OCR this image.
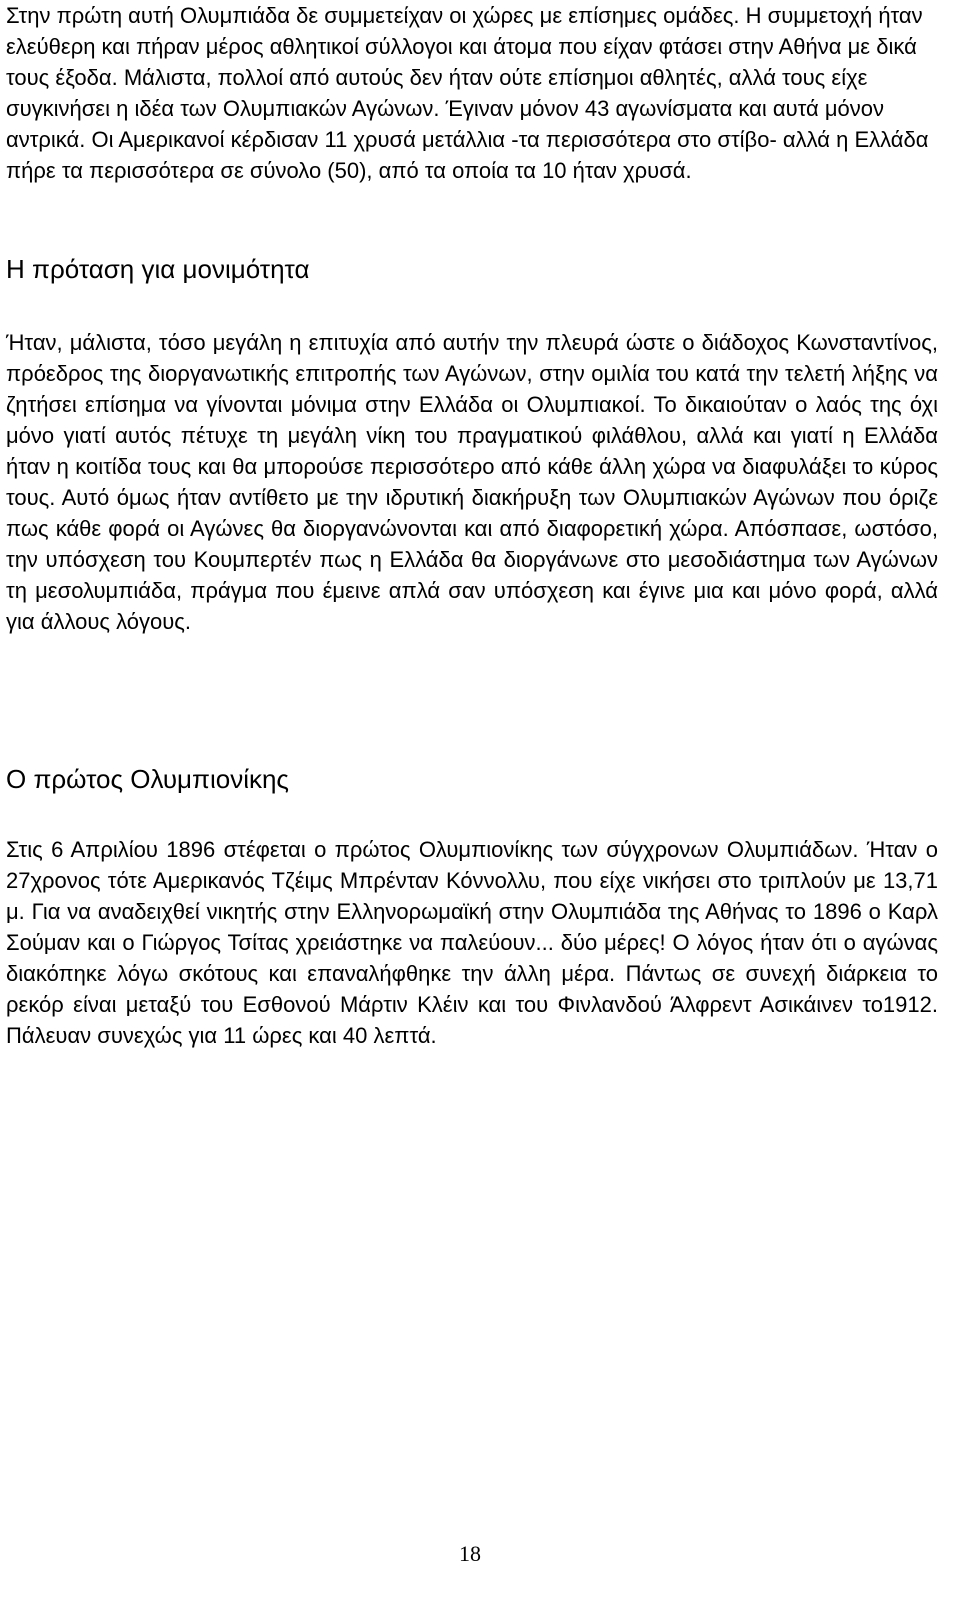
Στην πρώτη αυτή Ολυμπιάδα δε συμμετείχαν οι χώρες με επίσημες ομάδες. Η συμμετοχή ήταν ελεύθερη και πήραν μέρος αθλητικοί σύλλογοι και άτομα που είχαν φτάσει στην Αθήνα με δικά τους έξοδα. Μάλιστα, πολλοί από αυτούς δεν ήταν ούτε επίσημοι αθλητές, αλλά τους είχε συγκινήσει η ιδέα των Ολυμπιακών Αγώνων. Έγιναν μόνον 43 αγωνίσματα και αυτά μόνον αντρικά. Οι Αμερικανοί κέρδισαν 11 χρυσά μετάλλια -τα περισσότερα στο στίβο- αλλά η Ελλάδα πήρε τα περισσότερα σε σύνολο (50), από τα οποία τα 10 ήταν χρυσά.

Η πρόταση για μονιμότητα

Ήταν, μάλιστα, τόσο μεγάλη η επιτυχία από αυτήν την πλευρά ώστε ο διάδοχος Κωνσταντίνος, πρόεδρος της διοργανωτικής επιτροπής των Αγώνων, στην ομιλία του κατά την τελετή λήξης να ζητήσει επίσημα να γίνονται μόνιμα στην Ελλάδα οι Ολυμπιακοί. Το δικαιούταν ο λαός της όχι μόνο γιατί αυτός πέτυχε τη μεγάλη νίκη του πραγματικού φιλάθλου, αλλά και γιατί η Ελλάδα ήταν η κοιτίδα τους και θα μπορούσε περισσότερο από κάθε άλλη χώρα να διαφυλάξει το κύρος τους. Αυτό όμως ήταν αντίθετο με την ιδρυτική διακήρυξη των Ολυμπιακών Αγώνων που όριζε πως κάθε φορά οι Αγώνες θα διοργανώνονται και από διαφορετική χώρα. Απόσπασε, ωστόσο, την υπόσχεση του Κουμπερτέν πως η Ελλάδα θα διοργάνωνε στο μεσοδιάστημα των Αγώνων τη μεσολυμπιάδα, πράγμα που έμεινε απλά σαν υπόσχεση και έγινε μια και μόνο φορά, αλλά για άλλους λόγους.

Ο πρώτος Ολυμπιονίκης

Στις 6 Απριλίου 1896 στέφεται ο πρώτος Ολυμπιονίκης των σύγχρονων Ολυμπιάδων. Ήταν ο 27χρονος τότε Αμερικανός Τζέιμς Μπρένταν Κόννολλυ, που είχε νικήσει στο τριπλούν με 13,71 μ. Για να αναδειχθεί νικητής στην Ελληνορωμαϊκή στην Ολυμπιάδα της Αθήνας το 1896 ο Καρλ Σούμαν και ο Γιώργος Τσίτας χρειάστηκε να παλεύουν... δύο μέρες! Ο λόγος ήταν ότι ο αγώνας διακόπηκε λόγω σκότους και επαναλήφθηκε την άλλη μέρα. Πάντως σε συνεχή διάρκεια το ρεκόρ είναι μεταξύ του Εσθονού Μάρτιν Κλέιν και του Φινλανδού Άλφρεντ Ασικάινεν το1912. Πάλευαν συνεχώς για 11 ώρες και 40 λεπτά.

18
